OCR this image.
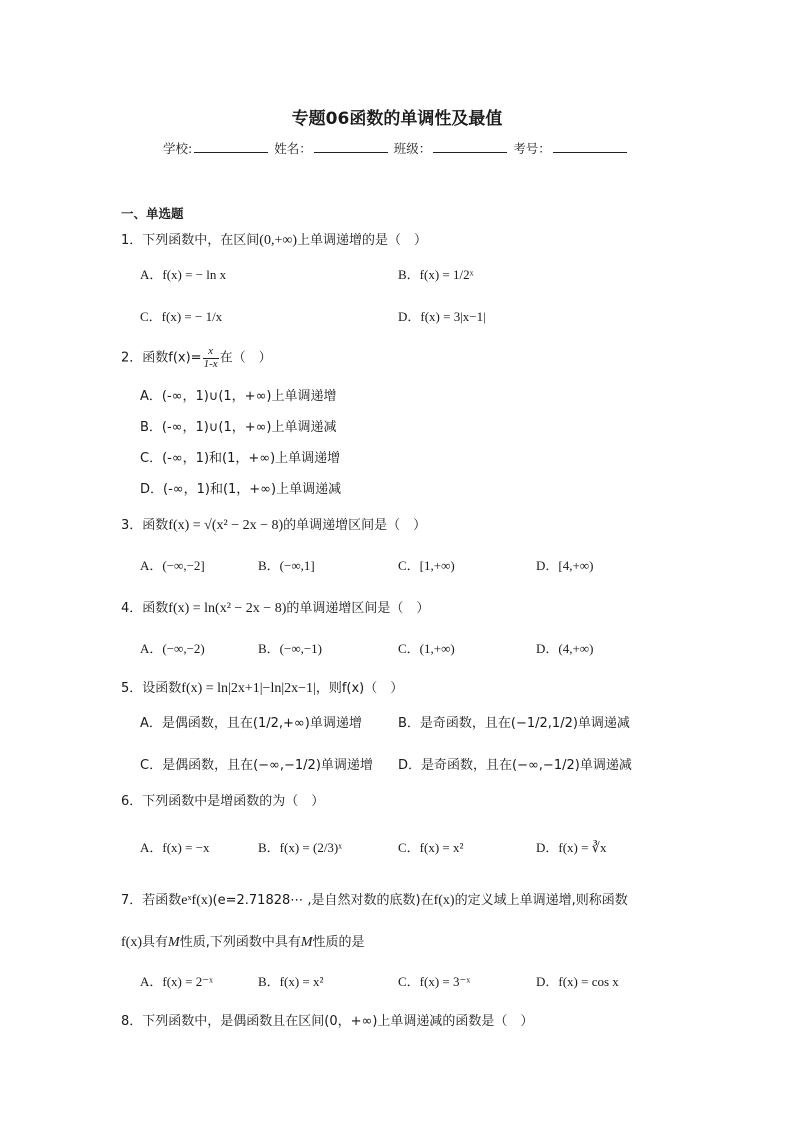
专题06函数的单调性及最值
学校:	姓名：	班级：	考号：
一、单选题
1．下列函数中，在区间(0,+∞)上单调递增的是（　）
A．f(x) = − ln x	B．f(x) = 1/2ˣ
C．f(x) = − 1/x	D．f(x) = 3|x−1|
2．函数$f(x)= \frac{x}{1-x}$ 在（　）
A．(-∞，1)∪(1，+∞)上单调递增
B．(-∞，1)∪(1，+∞)上单调递减
C．(-∞，1)和(1，+∞)上单调递增
D．(-∞，1)和(1，+∞)上单调递减
3．函数f(x) = √(x² − 2x − 8)的单调递增区间是（　）
A．(−∞,−2]	B．(−∞,1]	C．[1,+∞)	D．[4,+∞)
4．函数f(x) = ln(x² − 2x − 8)的单调递增区间是（　）
A．(−∞,−2)	B．(−∞,−1)	C．(1,+∞)	D．(4,+∞)
5．设函数f(x) = ln|2x+1|−ln|2x−1|，则f(x)（　）
A．是偶函数，且在(1/2,+∞)单调递增	B．是奇函数，且在(−1/2,1/2)单调递减
C．是偶函数，且在(−∞,−1/2)单调递增 D．是奇函数，且在(−∞,−1/2)单调递减
6．下列函数中是增函数的为（　）
A．f(x) = −x	B．f(x) = (2/3)ˣ	C．f(x) = x²	D．f(x) = ∛x
7．若函数eˣf(x)(e=2.71828⋯ ,是自然对数的底数)在f(x)的定义域上单调递增,则称函数
f(x)具有M性质,下列函数中具有M性质的是
A．f(x) = 2⁻ˣ	B．f(x) = x²	C．f(x) = 3⁻ˣ	D．f(x) = cos x
8．下列函数中，是偶函数且在区间(0，+∞)上单调递减的函数是（　）
